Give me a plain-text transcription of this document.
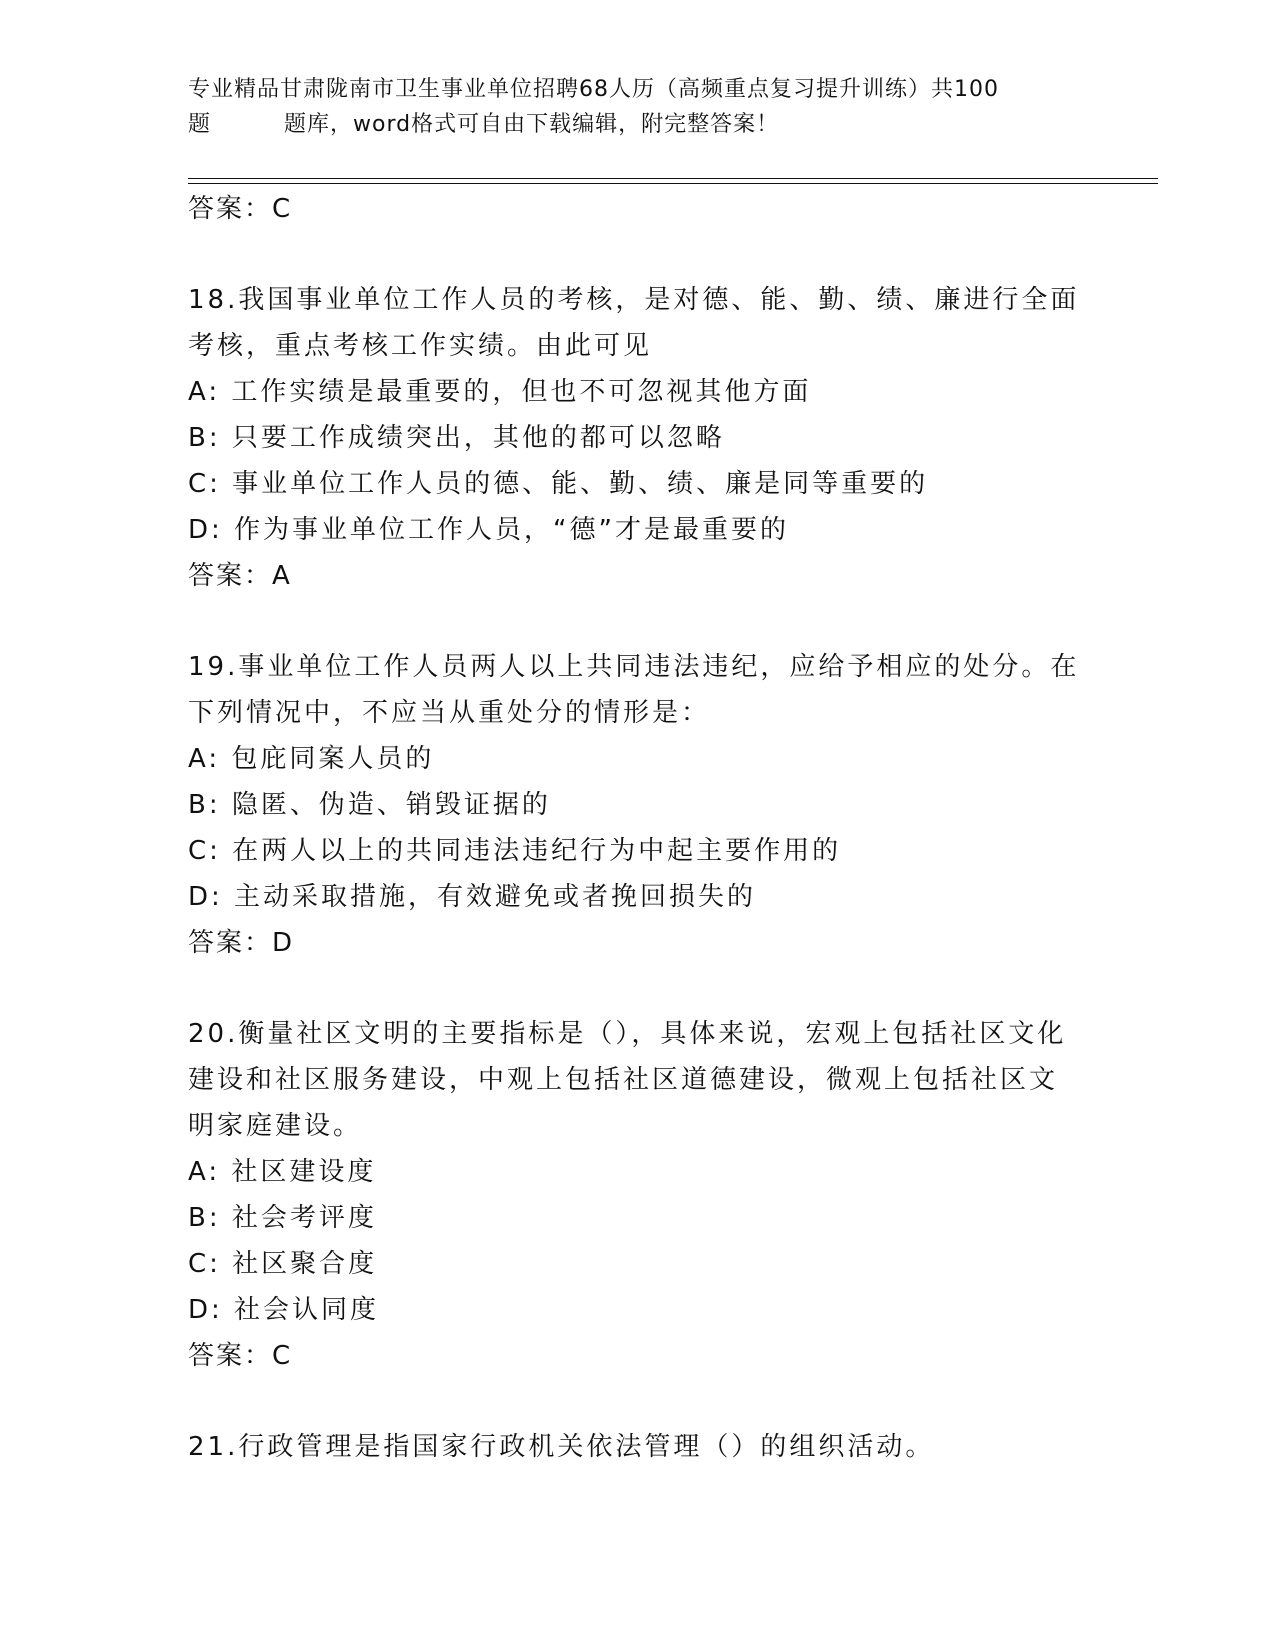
专业精品甘肃陇南市卫生事业单位招聘68人历（高频重点复习提升训练）共100
题	题库，word格式可自由下载编辑，附完整答案！
答案：C
18.我国事业单位工作人员的考核，是对德、能、勤、绩、廉进行全面
考核，重点考核工作实绩。由此可见
A: 工作实绩是最重要的，但也不可忽视其他方面
B: 只要工作成绩突出，其他的都可以忽略
C: 事业单位工作人员的德、能、勤、绩、廉是同等重要的
D: 作为事业单位工作人员，“德”才是最重要的
答案：A
19.事业单位工作人员两人以上共同违法违纪，应给予相应的处分。在
下列情况中，不应当从重处分的情形是：
A: 包庇同案人员的
B: 隐匿、伪造、销毁证据的
C: 在两人以上的共同违法违纪行为中起主要作用的
D: 主动采取措施，有效避免或者挽回损失的
答案：D
20.衡量社区文明的主要指标是（），具体来说，宏观上包括社区文化
建设和社区服务建设，中观上包括社区道德建设，微观上包括社区文
明家庭建设。
A: 社区建设度
B: 社会考评度
C: 社区聚合度
D: 社会认同度
答案：C
21.行政管理是指国家行政机关依法管理（）的组织活动。
